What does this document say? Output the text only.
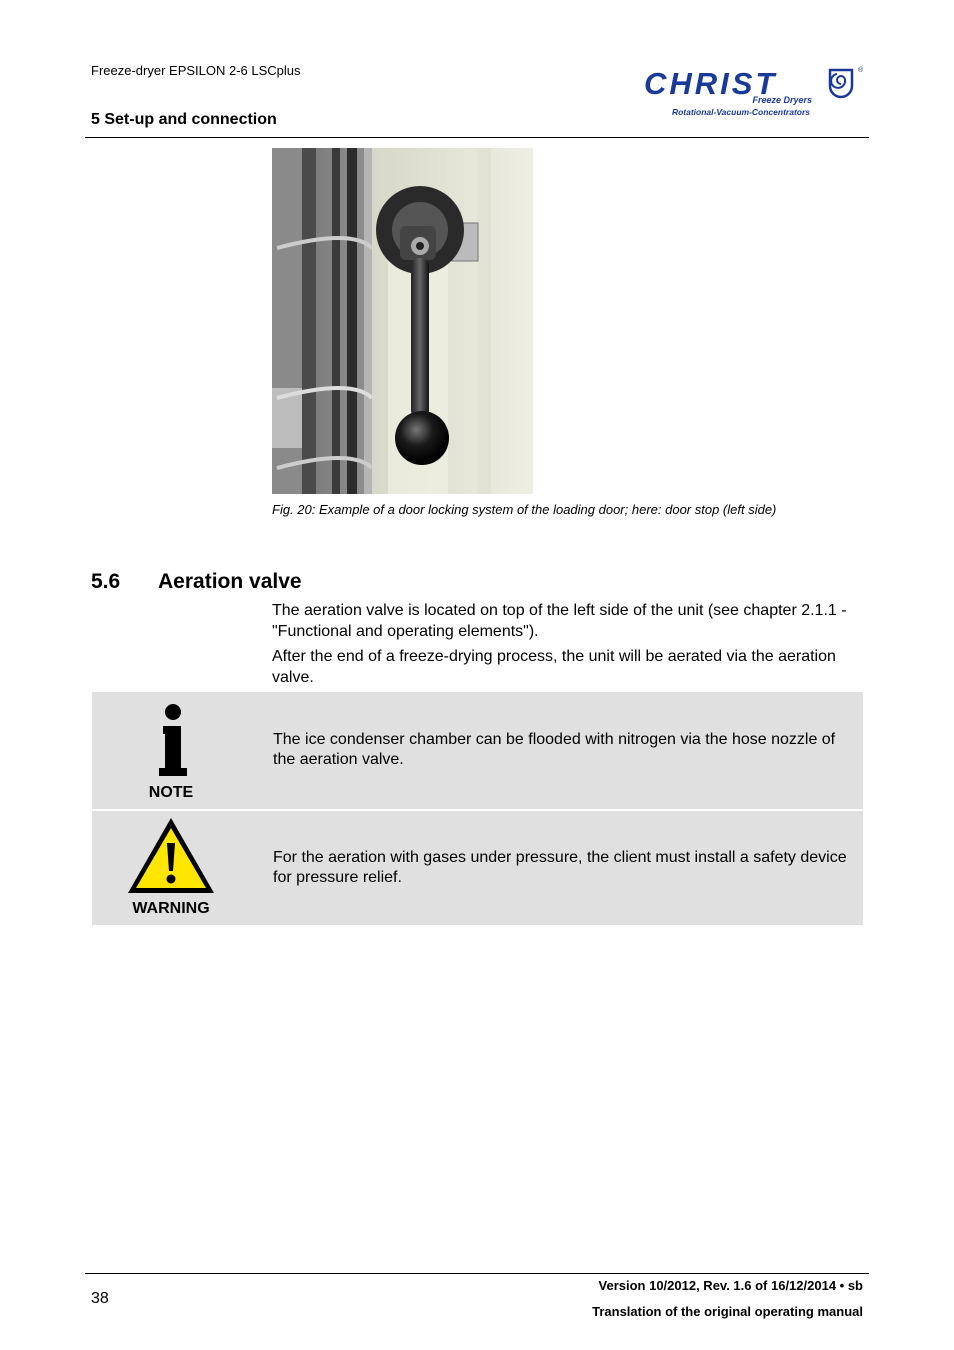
Freeze-dryer EPSILON 2-6 LSCplus
5 Set-up and connection
CHRIST	®
Freeze Dryers
Rotational-Vacuum-Concentrators
Fig. 20: Example of a door locking system of the loading door; here: door stop (left side)
5.6 Aeration valve
The aeration valve is located on top of the left side of the unit (see chapter 2.1.1 - "Functional and operating elements").
After the end of a freeze-drying process, the unit will be aerated via the aeration valve.
NOTE
The ice condenser chamber can be flooded with nitrogen via the hose nozzle of the aeration valve.
WARNING
For the aeration with gases under pressure, the client must install a safety device for pressure relief.
38
Version 10/2012, Rev. 1.6 of 16/12/2014 • sb
Translation of the original operating manual
